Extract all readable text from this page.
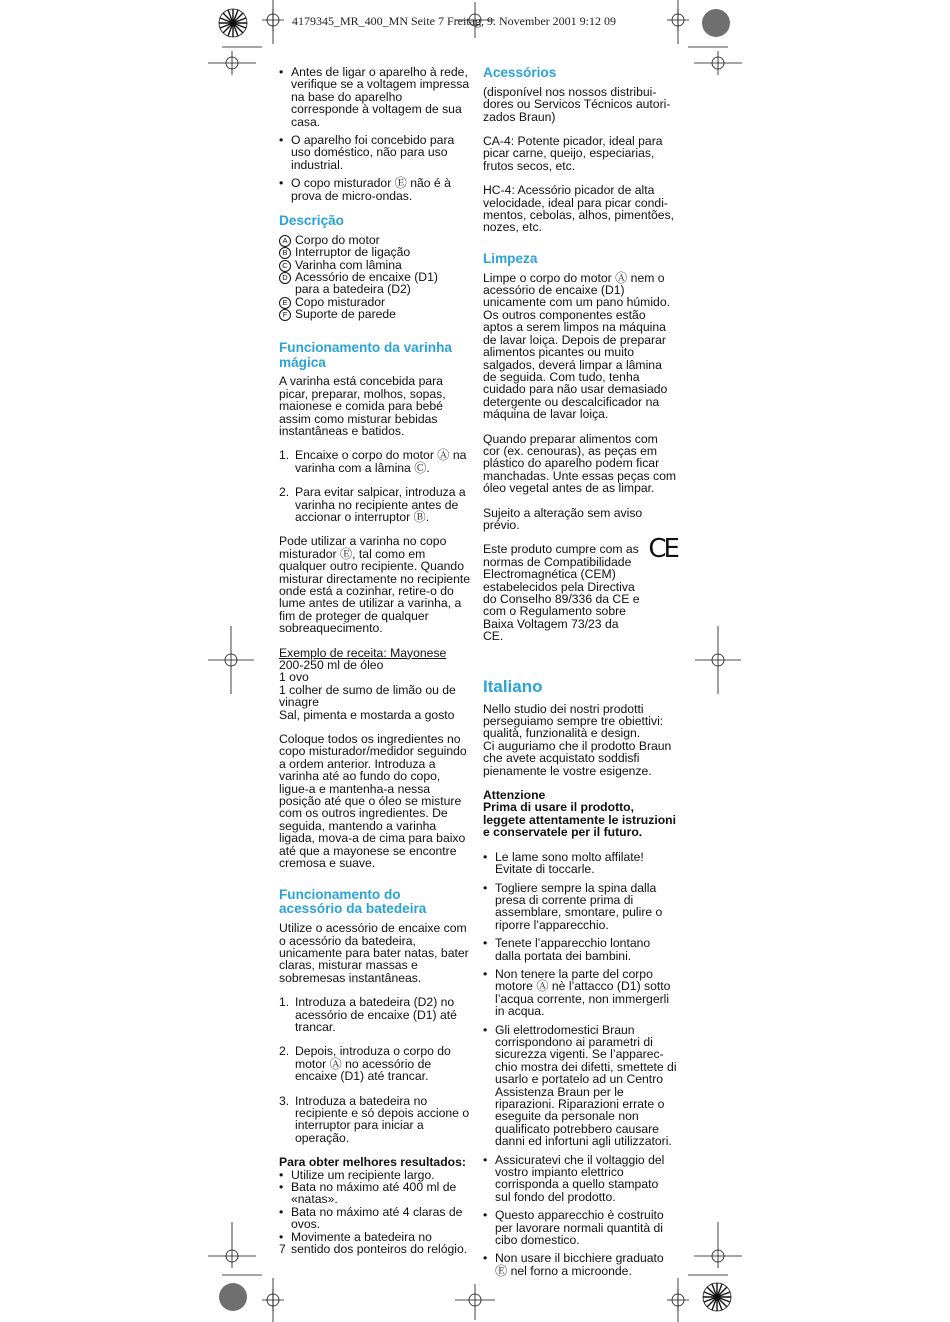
4179345_MR_400_MN Seite 7 Freitag, 9. November 2001 9:12 09
• Antes de ligar o aparelho à rede, verifique se a voltagem impressa na base do aparelho corresponde à voltagem de sua casa.
• O aparelho foi concebido para uso doméstico, não para uso industrial.
• O copo misturador Ⓔ não é à prova de micro-ondas.
Descrição
A Corpo do motor
B Interruptor de ligação
C Varinha com lâmina
D Acessório de encaixe (D1)
para a batedeira (D2)
E Copo misturador
F Suporte de parede
Funcionamento da varinha
mágica

A varinha está concebida para picar, preparar, molhos, sopas, maionese e comida para bebé assim como misturar bebidas instantâneas e batidos.

1. Encaixe o corpo do motor Ⓐ na varinha com a lâmina Ⓒ.
2. Para evitar salpicar, introduza a varinha no recipiente antes de accionar o interruptor Ⓑ.

Pode utilizar a varinha no copo misturador Ⓔ, tal como em qualquer outro recipiente. Quando misturar directamente no recipiente onde está a cozinhar, retire-o do lume antes de utilizar a varinha, a fim de proteger de qualquer sobreaquecimento.

Exemplo de receita: Mayonese
200-250 ml de óleo
1 ovo
1 colher de sumo de limão ou de vinagre
Sal, pimenta e mostarda a gosto

Coloque todos os ingredientes no copo misturador/medidor seguindo a ordem anterior. Introduza a varinha até ao fundo do copo, ligue-a e mantenha-a nessa posição até que o óleo se misture com os outros ingredientes. De seguida, mantendo a varinha ligada, mova-a de cima para baixo até que a mayonese se encontre cremosa e suave.

Funcionamento do
acessório da batedeira

Utilize o acessório de encaixe com o acessório da batedeira, unicamente para bater natas, bater claras, misturar massas e sobremesas instantâneas.

1. Introduza a batedeira (D2) no acessório de encaixe (D1) até trancar.
2. Depois, introduza o corpo do motor Ⓐ no acessório de encaixe (D1) até trancar.
3. Introduza a batedeira no recipiente e só depois accione o interruptor para iniciar a operação.
Para obter melhores resultados:
• Utilize um recipiente largo.
• Bata no máximo até 400 ml de «natas».
• Bata no máximo até 4 claras de ovos.
• Movimente a batedeira no sentido dos ponteiros do relógio.
7
Acessórios

(disponível nos nossos distribui-
dores ou Servicos Técnicos autori-
zados Braun)

CA-4: Potente picador, ideal para picar carne, queijo, especiarias, frutos secos, etc.

HC-4: Acessório picador de alta velocidade, ideal para picar condi-
mentos, cebolas, alhos, pimentões, nozes, etc.

Limpeza

Limpe o corpo do motor Ⓐ nem o acessório de encaixe (D1) unicamente com um pano húmido. Os outros componentes estão aptos a serem limpos na máquina de lavar loiça. Depois de preparar alimentos picantes ou muito salgados, deverá limpar a lâmina de seguida. Com tudo, tenha cuidado para não usar demasiado detergente ou descalcificador na máquina de lavar loiça.

Quando preparar alimentos com cor (ex. cenouras), as peças em plástico do aparelho podem ficar manchadas. Unte essas peças com óleo vegetal antes de as limpar.

Sujeito a alteração sem aviso prévio.

Este produto cumpre com as normas de Compatibilidade Electromagnética (CEM) estabelecidos pela Directiva do Conselho 89/336 da CE e com o Regulamento sobre Baixa Voltagem 73/23 da CE.

CE
Italiano

Nello studio dei nostri prodotti perseguiamo sempre tre obiettivi: qualità, funzionalità e design.
Ci auguriamo che il prodotto Braun che avete acquistato soddisfi pienamente le vostre esigenze.

Attenzione

Prima di usare il prodotto, leggete attentamente le istruzioni e conservatele per il futuro.

• Le lame sono molto affilate! Evitate di toccarle.
• Togliere sempre la spina dalla presa di corrente prima di assemblare, smontare, pulire o riporre l’apparecchio.
• Tenete l’apparecchio lontano dalla portata dei bambini.
• Non tenere la parte del corpo motore Ⓐ nè l’attacco (D1) sotto l’acqua corrente, non immergerli in acqua.
• Gli elettrodomestici Braun corrispondono ai parametri di sicurezza vigenti. Se l’apparec-
chio mostra dei difetti, smettete di usarlo e portatelo ad un Centro Assistenza Braun per le riparazioni. Riparazioni errate o eseguite da personale non qualificato potrebbero causare danni ed infortuni agli utilizzatori.
• Assicuratevi che il voltaggio del vostro impianto elettrico corrisponda a quello stampato sul fondo del prodotto.
• Questo apparecchio è costruito per lavorare normali quantità di cibo domestico.
• Non usare il bicchiere graduato Ⓔ nel forno a microonde.
